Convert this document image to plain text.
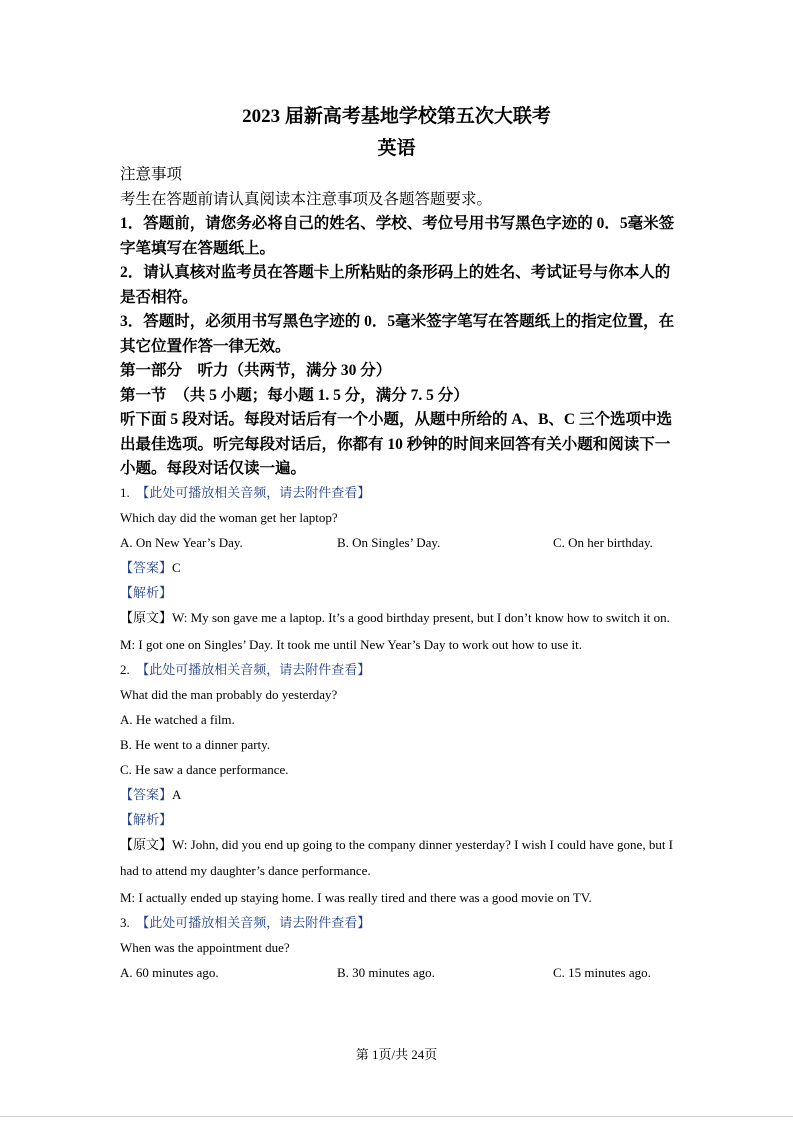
2023 届新高考基地学校第五次大联考
英语

注意事项

考生在答题前请认真阅读本注意事项及各题答题要求。

1．答题前，请您务必将自己的姓名、学校、考位号用书写黑色字迹的 0．5毫米签字笔填写在答题纸上。

2．请认真核对监考员在答题卡上所粘贴的条形码上的姓名、考试证号与你本人的是否相符。

3．答题时，必须用书写黑色字迹的 0．5毫米签字笔写在答题纸上的指定位置，在其它位置作答一律无效。

第一部分　听力（共两节，满分 30 分）

第一节　（共 5 小题；每小题 1. 5 分，满分 7. 5 分）

听下面 5 段对话。每段对话后有一个小题，从题中所给的 A、B、C 三个选项中选出最佳选项。听完每段对话后，你都有 10 秒钟的时间来回答有关小题和阅读下一小题。每段对话仅读一遍。

1.　 【此处可播放相关音频，请去附件查看】

Which day did the woman get her laptop?

A. On New Year’s Day.	B. On Singles’ Day.	C. On her birthday.

【答案】C

【解析】

【原文】W: My son gave me a laptop. It’s a good birthday present, but I don’t know how to switch it on.

M: I got one on Singles’ Day. It took me until New Year’s Day to work out how to use it.

2.　 【此处可播放相关音频，请去附件查看】

What did the man probably do yesterday?

A. He watched a film.

B. He went to a dinner party.

C. He saw a dance performance.

【答案】A

【解析】

【原文】W: John, did you end up going to the company dinner yesterday? I wish I could have gone, but I had to attend my daughter’s dance performance.

M: I actually ended up staying home. I was really tired and there was a good movie on TV.

3.　 【此处可播放相关音频，请去附件查看】

When was the appointment due?

A. 60 minutes ago.	B. 30 minutes ago.	C. 15 minutes ago.

第 1页/共 24页
